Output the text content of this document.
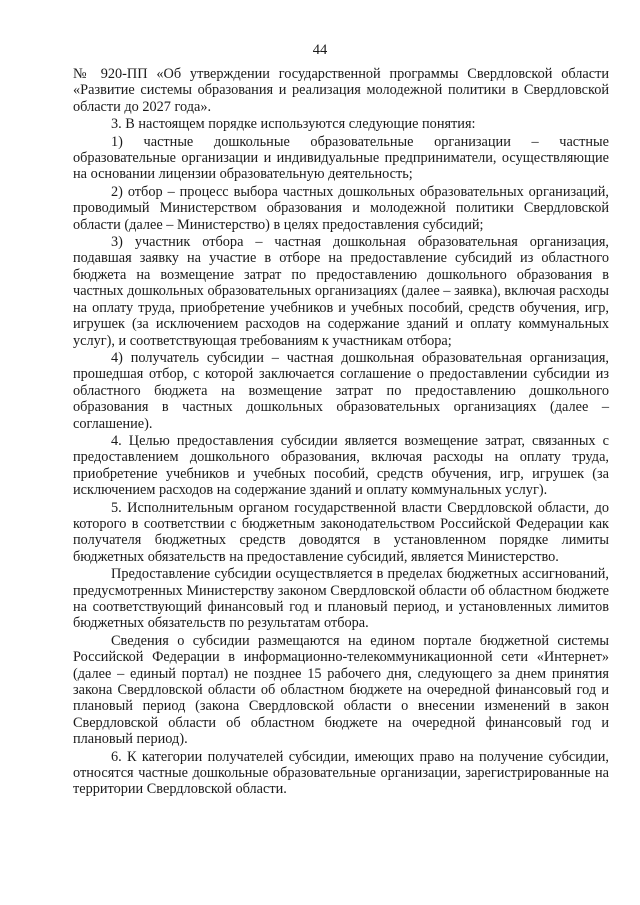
44

№ 920-ПП «Об утверждении государственной программы Свердловской области «Развитие системы образования и реализация молодежной политики в Свердловской области до 2027 года».

3. В настоящем порядке используются следующие понятия:

1) частные дошкольные образовательные организации – частные образовательные организации и индивидуальные предприниматели, осуществляющие на основании лицензии образовательную деятельность;

2) отбор – процесс выбора частных дошкольных образовательных организаций, проводимый Министерством образования и молодежной политики Свердловской области (далее – Министерство) в целях предоставления субсидий;

3) участник отбора – частная дошкольная образовательная организация, подавшая заявку на участие в отборе на предоставление субсидий из областного бюджета на возмещение затрат по предоставлению дошкольного образования в частных дошкольных образовательных организациях (далее – заявка), включая расходы на оплату труда, приобретение учебников и учебных пособий, средств обучения, игр, игрушек (за исключением расходов на содержание зданий и оплату коммунальных услуг), и соответствующая требованиям к участникам отбора;

4) получатель субсидии – частная дошкольная образовательная организация, прошедшая отбор, с которой заключается соглашение о предоставлении субсидии из областного бюджета на возмещение затрат по предоставлению дошкольного образования в частных дошкольных образовательных организациях (далее – соглашение).

4. Целью предоставления субсидии является возмещение затрат, связанных с предоставлением дошкольного образования, включая расходы на оплату труда, приобретение учебников и учебных пособий, средств обучения, игр, игрушек (за исключением расходов на содержание зданий и оплату коммунальных услуг).

5. Исполнительным органом государственной власти Свердловской области, до которого в соответствии с бюджетным законодательством Российской Федерации как получателя бюджетных средств доводятся в установленном порядке лимиты бюджетных обязательств на предоставление субсидий, является Министерство.

Предоставление субсидии осуществляется в пределах бюджетных ассигнований, предусмотренных Министерству законом Свердловской области об областном бюджете на соответствующий финансовый год и плановый период, и установленных лимитов бюджетных обязательств по результатам отбора.

Сведения о субсидии размещаются на едином портале бюджетной системы Российской Федерации в информационно-телекоммуникационной сети «Интернет» (далее – единый портал) не позднее 15 рабочего дня, следующего за днем принятия закона Свердловской области об областном бюджете на очередной финансовый год и плановый период (закона Свердловской области о внесении изменений в закон Свердловской области об областном бюджете на очередной финансовый год и плановый период).

6. К категории получателей субсидии, имеющих право на получение субсидии, относятся частные дошкольные образовательные организации, зарегистрированные на территории Свердловской области.
